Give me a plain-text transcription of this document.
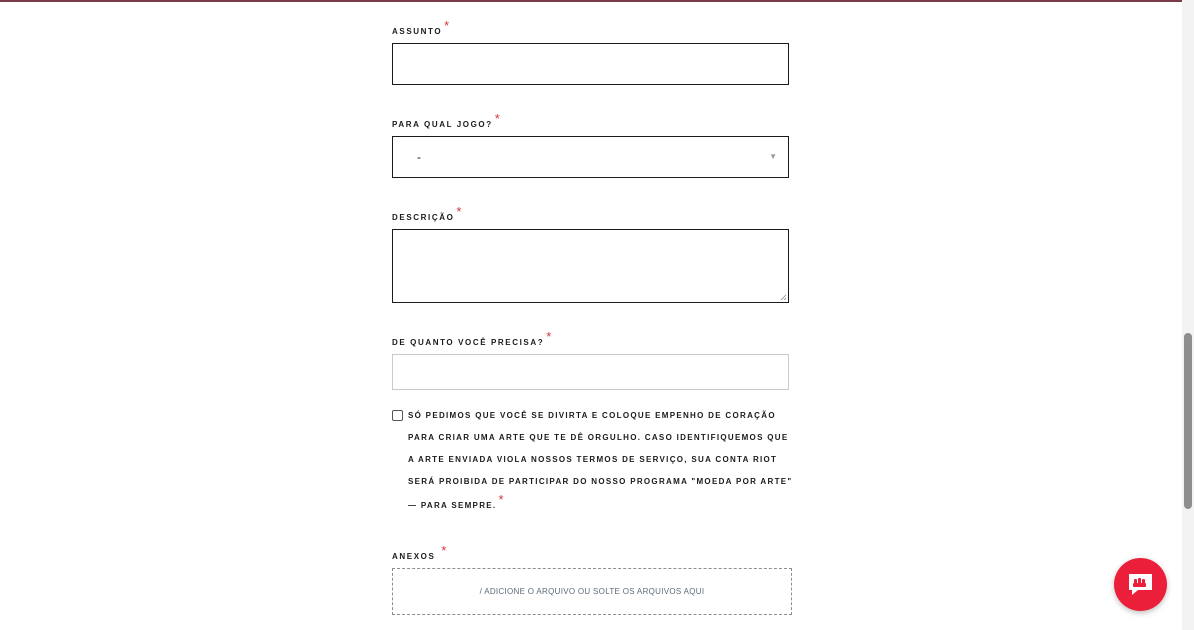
ASSUNTO *
PARA QUAL JOGO? *
-	▼
DESCRIÇÃO *
DE QUANTO VOCÊ PRECISA? *
SÓ PEDIMOS QUE VOCÊ SE DIVIRTA E COLOQUE EMPENHO DE CORAÇÃO
PARA CRIAR UMA ARTE QUE TE DÊ ORGULHO. CASO IDENTIFIQUEMOS QUE
A ARTE ENVIADA VIOLA NOSSOS TERMOS DE SERVIÇO, SUA CONTA RIOT
SERÁ PROIBIDA DE PARTICIPAR DO NOSSO PROGRAMA "MOEDA POR ARTE"
— PARA SEMPRE. *
ANEXOS *
/ ADICIONE O ARQUIVO OU SOLTE OS ARQUIVOS AQUI
